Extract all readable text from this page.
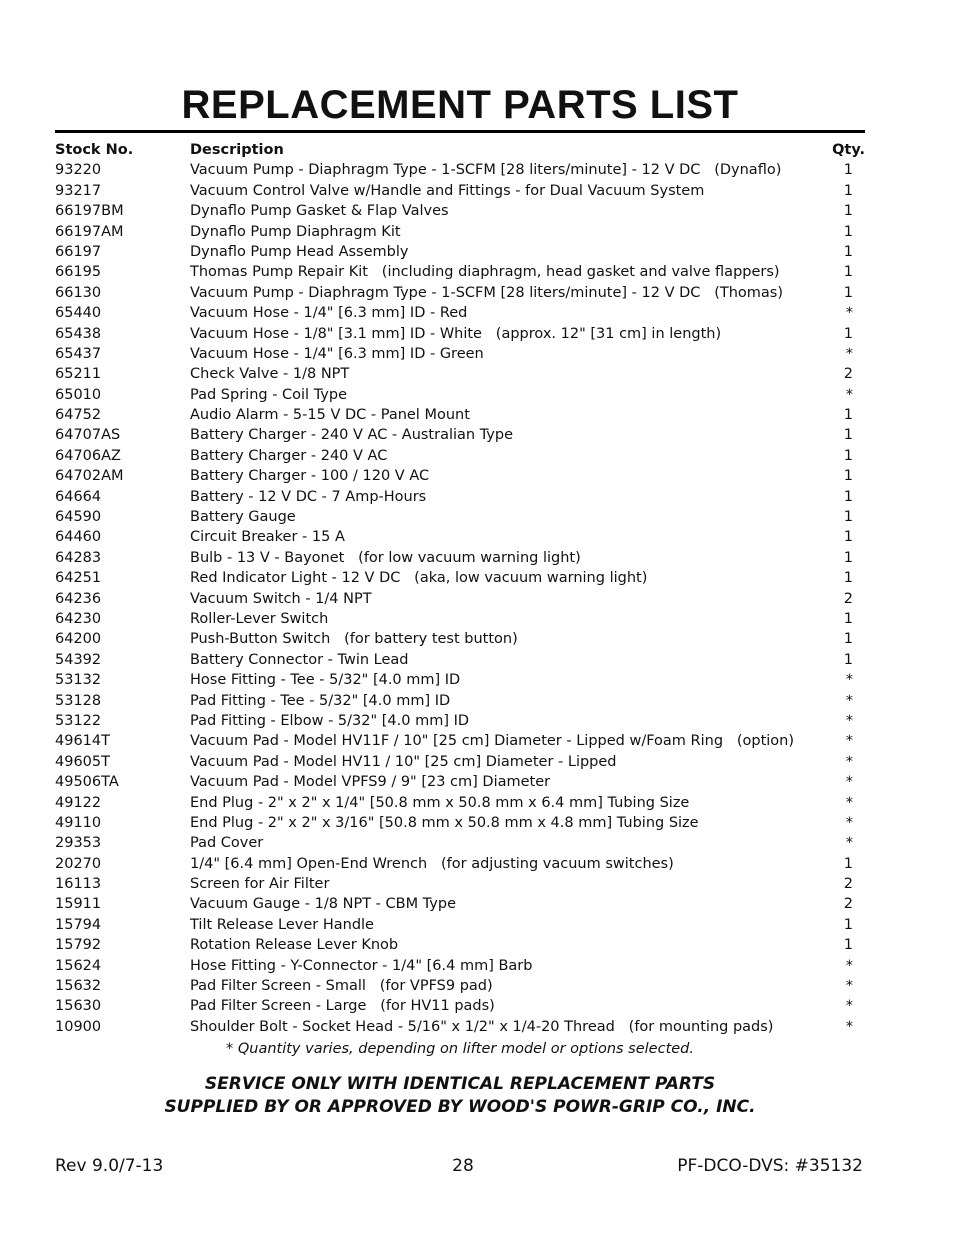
REPLACEMENT PARTS LIST
Stock No.	Description	Qty.
93220	Vacuum Pump - Diaphragm Type - 1-SCFM [28 liters/minute] - 12 V DC   (Dynaflo)	1
93217	Vacuum Control Valve w/Handle and Fittings - for Dual Vacuum System	1
66197BM	Dynaflo Pump Gasket & Flap Valves	1
66197AM	Dynaflo Pump Diaphragm Kit	1
66197	Dynaflo Pump Head Assembly	1
66195	Thomas Pump Repair Kit   (including diaphragm, head gasket and valve flappers)	1
66130	Vacuum Pump - Diaphragm Type - 1-SCFM [28 liters/minute] - 12 V DC   (Thomas)	1
65440	Vacuum Hose - 1/4" [6.3 mm] ID - Red	*
65438	Vacuum Hose - 1/8" [3.1 mm] ID - White   (approx. 12" [31 cm] in length)	1
65437	Vacuum Hose - 1/4" [6.3 mm] ID - Green	*
65211	Check Valve - 1/8 NPT	2
65010	Pad Spring - Coil Type	*
64752	Audio Alarm - 5-15 V DC - Panel Mount	1
64707AS	Battery Charger - 240 V AC - Australian Type	1
64706AZ	Battery Charger - 240 V AC	1
64702AM	Battery Charger - 100 / 120 V AC	1
64664	Battery - 12 V DC - 7 Amp-Hours	1
64590	Battery Gauge	1
64460	Circuit Breaker - 15 A	1
64283	Bulb - 13 V - Bayonet   (for low vacuum warning light)	1
64251	Red Indicator Light - 12 V DC   (aka, low vacuum warning light)	1
64236	Vacuum Switch - 1/4 NPT	2
64230	Roller-Lever Switch	1
64200	Push-Button Switch   (for battery test button)	1
54392	Battery Connector - Twin Lead	1
53132	Hose Fitting - Tee - 5/32" [4.0 mm] ID	*
53128	Pad Fitting - Tee - 5/32" [4.0 mm] ID	*
53122	Pad Fitting - Elbow - 5/32" [4.0 mm] ID	*
49614T	Vacuum Pad - Model HV11F / 10" [25 cm] Diameter - Lipped w/Foam Ring   (option)	*
49605T	Vacuum Pad - Model HV11 / 10" [25 cm] Diameter - Lipped	*
49506TA	Vacuum Pad - Model VPFS9 / 9" [23 cm] Diameter	*
49122	End Plug - 2" x 2" x 1/4" [50.8 mm x 50.8 mm x 6.4 mm] Tubing Size	*
49110	End Plug - 2" x 2" x 3/16" [50.8 mm x 50.8 mm x 4.8 mm] Tubing Size	*
29353	Pad Cover	*
20270	1/4" [6.4 mm] Open-End Wrench   (for adjusting vacuum switches)	1
16113	Screen for Air Filter	2
15911	Vacuum Gauge - 1/8 NPT - CBM Type	2
15794	Tilt Release Lever Handle	1
15792	Rotation Release Lever Knob	1
15624	Hose Fitting - Y-Connector - 1/4" [6.4 mm] Barb	*
15632	Pad Filter Screen - Small   (for VPFS9 pad)	*
15630	Pad Filter Screen - Large   (for HV11 pads)	*
10900	Shoulder Bolt - Socket Head - 5/16" x 1/2" x 1/4-20 Thread   (for mounting pads)	*
* Quantity varies, depending on lifter model or options selected.
SERVICE ONLY WITH IDENTICAL REPLACEMENT PARTS
SUPPLIED BY OR APPROVED BY WOOD'S POWR-GRIP CO., INC.
Rev 9.0/7-13	28	PF-DCO-DVS: #35132
